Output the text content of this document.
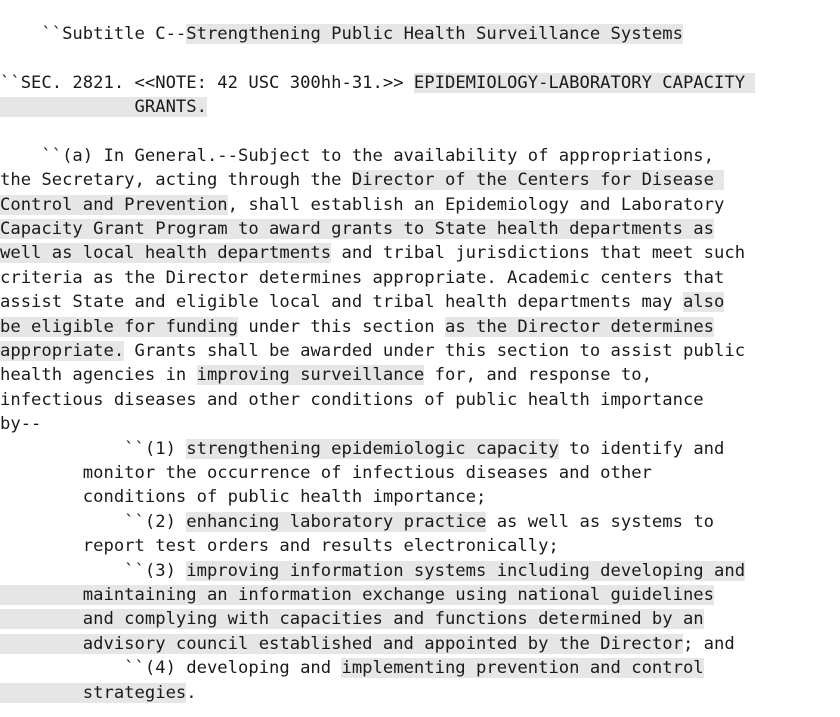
``Subtitle C--Strengthening Public Health Surveillance Systems
``SEC. 2821. <<NOTE: 42 USC 300hh-31.>> EPIDEMIOLOGY-LABORATORY CAPACITY
GRANTS.
``(a) In General.--Subject to the availability of appropriations,
the Secretary, acting through the Director of the Centers for Disease
Control and Prevention, shall establish an Epidemiology and Laboratory
Capacity Grant Program to award grants to State health departments as
well as local health departments and tribal jurisdictions that meet such
criteria as the Director determines appropriate. Academic centers that
assist State and eligible local and tribal health departments may also
be eligible for funding under this section as the Director determines
appropriate. Grants shall be awarded under this section to assist public
health agencies in improving surveillance for, and response to,
infectious diseases and other conditions of public health importance
by--
``(1) strengthening epidemiologic capacity to identify and
monitor the occurrence of infectious diseases and other
conditions of public health importance;
``(2) enhancing laboratory practice as well as systems to
report test orders and results electronically;
``(3) improving information systems including developing and
maintaining an information exchange using national guidelines
and complying with capacities and functions determined by an
advisory council established and appointed by the Director; and
``(4) developing and implementing prevention and control
strategies.
